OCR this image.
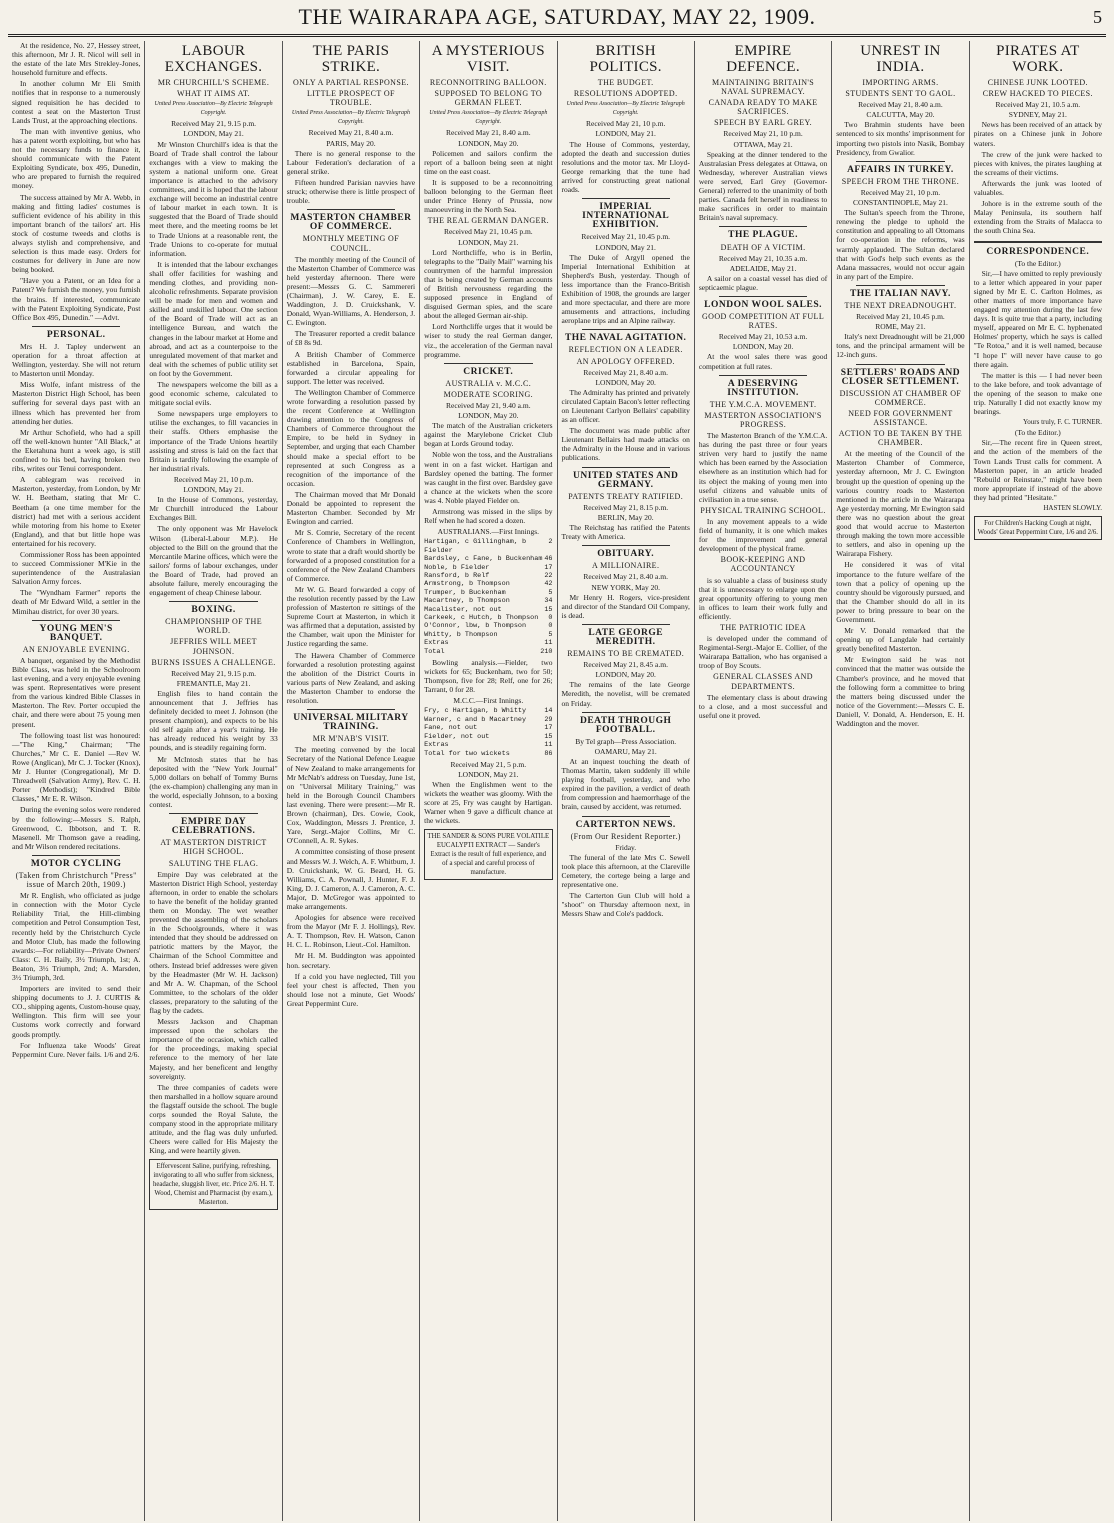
THE WAIRARAPA AGE, SATURDAY, MAY 22, 1909.	5

At the residence, No. 27, Hessey street, this afternoon, Mr J. R. Nicol will sell in the estate of the late Mrs Strekley-Jones, household furniture and effects.

In another column Mr Eli Smith notifies that in response to a numerously signed requisition he has decided to contest a seat on the Masterton Trust Lands Trust, at the approaching elections.

The man with inventive genius, who has a patent worth exploiting, but who has not the necessary funds to finance it, should communicate with the Patent Exploiting Syndicate, box 495, Dunedin, who are prepared to furnish the required money.

The success attained by Mr A. Webb, in making and fitting ladies' costumes is sufficient evidence of his ability in this important branch of the tailors' art. His stock of costume tweeds and cloths is always stylish and comprehensive, and selection is thus made easy. Orders for costumes for delivery in June are now being booked.

"Have you a Patent, or an Idea for a Patent? We furnish the money, you furnish the brains. If interested, communicate with the Patent Exploiting Syndicate, Post Office Box 495, Dunedin." —Advt.

PERSONAL.

Mrs H. J. Tapley underwent an operation for a throat affection at Wellington, yesterday. She will not return to Masterton until Monday.

Miss Wolfe, infant mistress of the Masterton District High School, has been suffering for several days past with an illness which has prevented her from attending her duties.

Mr Arthur Schofield, who had a spill off the well-known hunter "All Black," at the Eketahuna hunt a week ago, is still confined to his bed, having broken two ribs, writes our Tenui correspondent.

A cablegram was received in Masterton, yesterday, from London, by Mr W. H. Beetham, stating that Mr C. Beetham (a one time member for the district) had met with a serious accident while motoring from his home to Exeter (England), and that but little hope was entertained for his recovery.

Commissioner Ross has been appointed to succeed Commissioner M'Kie in the superintendence of the Australasian Salvation Army forces.

The "Wyndham Farmer" reports the death of Mr Edward Wild, a settler in the Mimihau district, for over 30 years.

YOUNG MEN'S BANQUET.
AN ENJOYABLE EVENING.

A banquet, organised by the Methodist Bible Class, was held in the Schoolroom last evening, and a very enjoyable evening was spent. Representatives were present from the various kindred Bible Classes in Masterton. The Rev. Porter occupied the chair, and there were about 75 young men present.

The following toast list was honoured:—"The King," Chairman; "The Churches," Mr C. E. Daniel —Rev W. Rowe (Anglican), Mr C. J. Tocker (Knox), Mr J. Hunter (Congregational), Mr D. Threadwell (Salvation Army), Rev. C. H. Porter (Methodist); "Kindred Bible Classes," Mr E. R. Wilson.

During the evening solos were rendered by the following:—Messrs S. Ralph, Greenwood, C. Ibbotson, and T. R. Masenell. Mr Thomson gave a reading, and Mr Wilson rendered recitations.

MOTOR CYCLING
(Taken from Christchurch "Press" issue of March 20th, 1909.)

Mr R. English, who officiated as judge in connection with the Motor Cycle Reliability Trial, the Hill-climbing competition and Petrol Consumption Test, recently held by the Christchurch Cycle and Motor Club, has made the following awards:—For reliability—Private Owners' Class: C. H. Baily, 3½ Triumph, 1st; A. Beaton, 3½ Triumph, 2nd; A. Marsden, 3½ Triumph, 3rd.

Importers are invited to send their shipping documents to J. J. CURTIS & CO., shipping agents, Custom-house quay, Wellington. This firm will see your Customs work correctly and forward goods promptly.

For Influenza take Woods' Great Peppermint Cure. Never fails. 1/6 and 2/6.

LABOUR EXCHANGES.
MR CHURCHILL'S SCHEME.
WHAT IT AIMS AT.
United Press Association—By Electric Telegraph Copyright.
Received May 21, 9.15 p.m.
LONDON, May 21.

Mr Winston Churchill's idea is that the Board of Trade shall control the labour exchanges with a view to making the system a national uniform one. Great importance is attached to the advisory committees, and it is hoped that the labour exchange will become an industrial centre of labour market in each town. It is suggested that the Board of Trade should meet there, and the meeting rooms be let to Trade Unions at a reasonable rent, the Trade Unions to co-operate for mutual information.

It is intended that the labour exchanges shall offer facilities for washing and mending clothes, and providing non-alcoholic refreshments. Separate provision will be made for men and women and skilled and unskilled labour. One section of the Board of Trade will act as an intelligence Bureau, and watch the changes in the labour market at Home and abroad, and act as a counterpoise to the unregulated movement of that market and deal with the schemes of public utility set on foot by the Government.

The newspapers welcome the bill as a good economic scheme, calculated to mitigate social evils.

Some newspapers urge employers to utilise the exchanges, to fill vacancies in their staffs. Others emphasise the importance of the Trade Unions heartily assisting and stress is laid on the fact that Britain is tardily following the example of her industrial rivals.

Received May 21, 10 p.m.
LONDON, May 21.

In the House of Commons, yesterday, Mr Churchill introduced the Labour Exchanges Bill.

The only opponent was Mr Havelock Wilson (Liberal-Labour M.P.). He objected to the Bill on the ground that the Mercantile Marine offices, which were the sailors' forms of labour exchanges, under the Board of Trade, had proved an absolute failure, merely encouraging the engagement of cheap Chinese labour.

BOXING.
CHAMPIONSHIP OF THE WORLD.
JEFFRIES WILL MEET JOHNSON.
BURNS ISSUES A CHALLENGE.
Received May 21, 9.15 p.m.
FREMANTLE, May 21.

English files to hand contain the announcement that J. Jeffries has definitely decided to meet J. Johnson (the present champion), and expects to be his old self again after a year's training. He has already reduced his weight by 33 pounds, and is steadily regaining form.

Mr McIntosh states that he has deposited with the "New York Journal" 5,000 dollars on behalf of Tommy Burns (the ex-champion) challenging any man in the world, especially Johnson, to a boxing contest.

EMPIRE DAY CELEBRATIONS.
AT MASTERTON DISTRICT HIGH SCHOOL.
SALUTING THE FLAG.

Empire Day was celebrated at the Masterton District High School, yesterday afternoon, in order to enable the scholars to have the benefit of the holiday granted them on Monday. The wet weather prevented the assembling of the scholars in the Schoolgrounds, where it was intended that they should be addressed on patriotic matters by the Mayor, the Chairman of the School Committee and others. Instead brief addresses were given by the Headmaster (Mr W. H. Jackson) and Mr A. W. Chapman, of the School Committee, to the scholars of the older classes, preparatory to the saluting of the flag by the cadets.

Messrs Jackson and Chapman impressed upon the scholars the importance of the occasion, which called for the proceedings, making special reference to the memory of her late Majesty, and her beneficent and lengthy sovereignty.

The three companies of cadets were then marshalled in a hollow square around the flagstaff outside the school. The bugle corps sounded the Royal Salute, the company stood in the appropriate military attitude, and the flag was duly unfurled. Cheers were called for His Majesty the King, and were heartily given.

Effervescent Saline, purifying, refreshing, invigorating to all who suffer from sickness, headache, sluggish liver, etc. Price 2/6. H. T. Wood, Chemist and Pharmacist (by exam.), Masterton.
THE PARIS STRIKE.
ONLY A PARTIAL RESPONSE.
LITTLE PROSPECT OF TROUBLE.
United Press Association—By Electric Telegraph Copyright.
Received May 21, 8.40 a.m.
PARIS, May 20.

There is no general response to the Labour Federation's declaration of a general strike.

Fifteen hundred Parisian navvies have struck; otherwise there is little prospect of trouble.

MASTERTON CHAMBER OF COMMERCE.
MONTHLY MEETING OF COUNCIL.

The monthly meeting of the Council of the Masterton Chamber of Commerce was held yesterday afternoon. There were present:—Messrs G. C. Sammereri (Chairman), J. W. Carey, E. E. Waddington, J. D. Cruickshank, V. Donald, Wyan-Williams, A. Henderson, J. C. Ewington.

The Treasurer reported a credit balance of £8 8s 9d.

A British Chamber of Commerce established in Barcelona, Spain, forwarded a circular appealing for support. The letter was received.

The Wellington Chamber of Commerce wrote forwarding a resolution passed by the recent Conference at Wellington drawing attention to the Congress of Chambers of Commerce throughout the Empire, to be held in Sydney in September, and urging that each Chamber should make a special effort to be represented at such Congress as a recognition of the importance of the occasion.

The Chairman moved that Mr Donald Donald be appointed to represent the Masterton Chamber. Seconded by Mr Ewington and carried.

Mr S. Comrie, Secretary of the recent Conference of Chambers in Wellington, wrote to state that a draft would shortly be forwarded of a proposed constitution for a conference of the New Zealand Chambers of Commerce.

Mr W. G. Beard forwarded a copy of the resolution recently passed by the Law profession of Masterton re sittings of the Supreme Court at Masterton, in which it was affirmed that a deputation, assisted by the Chamber, wait upon the Minister for Justice regarding the same.

The Hawera Chamber of Commerce forwarded a resolution protesting against the abolition of the District Courts in various parts of New Zealand, and asking the Masterton Chamber to endorse the resolution.

UNIVERSAL MILITARY TRAINING.
MR M'NAB'S VISIT.

The meeting convened by the local Secretary of the National Defence League of New Zealand to make arrangements for Mr McNab's address on Tuesday, June 1st, on "Universal Military Training," was held in the Borough Council Chambers last evening. There were present:—Mr R. Brown (chairman), Drs. Cowie, Cook, Cox, Waddington, Messrs J. Prentice, J. Yare, Sergt.-Major Collins, Mr C. O'Connell, A. R. Sykes.

A committee consisting of those present and Messrs W. J. Welch, A. F. Whitburn, J. D. Cruickshank, W. G. Beard, H. G. Williams, C. A. Pownall, J. Hunter, F. J. King, D. J. Cameron, A. J. Cameron, A. C. Major, D. McGregor was appointed to make arrangements.

Apologies for absence were received from the Mayor (Mr F. J. Hollings), Rev. A. T. Thompson, Rev. H. Watson, Canon H. C. L. Robinson, Lieut.-Col. Hamilton.

Mr H. M. Buddington was appointed hon. secretary.

If a cold you have neglected, Till you feel your chest is affected, Then you should lose not a minute, Get Woods' Great Peppermint Cure.

A MYSTERIOUS VISIT.
RECONNOITRING BALLOON.
SUPPOSED TO BELONG TO GERMAN FLEET.
United Press Association—By Electric Telegraph Copyright.
Received May 21, 8.40 a.m.
LONDON, May 20.

Policemen and sailors confirm the report of a balloon being seen at night time on the east coast.

It is supposed to be a reconnoitring balloon belonging to the German fleet under Prince Henry of Prussia, now manoeuvring in the North Sea.

THE REAL GERMAN DANGER.
Received May 21, 10.45 p.m.
LONDON, May 21.

Lord Northcliffe, who is in Berlin, telegraphs to the "Daily Mail" warning his countrymen of the harmful impression that is being created by German accounts of British nervousness regarding the supposed presence in England of disguised German spies, and the scare about the alleged German air-ship.

Lord Northcliffe urges that it would be wiser to study the real German danger, viz., the acceleration of the German naval programme.

CRICKET.
AUSTRALIA v. M.C.C.
MODERATE SCORING.
Received May 21, 9.40 a.m.
LONDON, May 20.

The match of the Australian cricketers against the Marylebone Cricket Club began at Lords Ground today.

Noble won the toss, and the Australians went in on a fast wicket. Hartigan and Bardsley opened the batting. The former was caught in the first over. Bardsley gave a chance at the wickets when the score was 4. Noble played Fielder on.

Armstrong was missed in the slips by Relf when he had scored a dozen.

AUSTRALIANS.—First Innings.
Hartigan, c Gillingham, b Fielder
2
Bardsley, c Fane, b Buckenham 46
Noble, b Fielder	17
Ransford, b Relf	22
Armstrong, b Thompson	42
Trumper, b Buckenham	5
Macartney, b Thompson	34
Macalister, not out	15
Carkeek, c Hutch, b Thompson 0
O'Connor, lbw, b Thompson	0
Whitty, b Thompson	5
Extras	11
Total	210

Bowling analysis.—Fielder, two wickets for 65; Buckenham, two for 50; Thompson, five for 28; Relf, one for 26; Tarrant, 0 for 28.

M.C.C.—First Innings.
Fry, c Hartigan, b Whitty	14
Warner, c and b Macartney	29
Fane, not out	17
Fielder, not out	15
Extras	11
Total for two wickets	86
Received May 21, 5 p.m.
LONDON, May 21.

When the Englishmen went to the wickets the weather was gloomy. With the score at 25, Fry was caught by Hartigan. Warner when 9 gave a difficult chance at the wickets.

THE SANDER & SONS PURE VOLATILE EUCALYPTI EXTRACT — Sander's Extract is the result of full experience, and of a special and careful process of manufacture.
BRITISH POLITICS.
THE BUDGET.
RESOLUTIONS ADOPTED.
United Press Association—By Electric Telegraph Copyright.
Received May 21, 10 p.m.
LONDON, May 21.

The House of Commons, yesterday, adopted the death and succession duties resolutions and the motor tax. Mr Lloyd-George remarking that the tune had arrived for constructing great national roads.

IMPERIAL INTERNATIONAL EXHIBITION.
Received May 21, 10.45 p.m.
LONDON, May 21.

The Duke of Argyll opened the Imperial International Exhibition at Shepherd's Bush, yesterday. Though of less importance than the Franco-British Exhibition of 1908, the grounds are larger and more spectacular, and there are more amusements and attractions, including aeroplane trips and an Alpine railway.

THE NAVAL AGITATION.
REFLECTION ON A LEADER.
AN APOLOGY OFFERED.
Received May 21, 8.40 a.m.
LONDON, May 20.

The Admiralty has printed and privately circulated Captain Bacon's letter reflecting on Lieutenant Carlyon Bellairs' capability as an officer.

The document was made public after Lieutenant Bellairs had made attacks on the Admiralty in the House and in various publications.

UNITED STATES AND GERMANY.
PATENTS TREATY RATIFIED.
Received May 21, 8.15 p.m.
BERLIN, May 20.

The Reichstag has ratified the Patents Treaty with America.

OBITUARY.
A MILLIONAIRE.
Received May 21, 8.40 a.m.
NEW YORK, May 20.

Mr Henry H. Rogers, vice-president and director of the Standard Oil Company, is dead.

LATE GEORGE MEREDITH.
REMAINS TO BE CREMATED.
Received May 21, 8.45 a.m.
LONDON, May 20.

The remains of the late George Meredith, the novelist, will be cremated on Friday.

DEATH THROUGH FOOTBALL.
By Tel graph—Press Association.
OAMARU, May 21.

At an inquest touching the death of Thomas Martin, taken suddenly ill while playing football, yesterday, and who expired in the pavilion, a verdict of death from compression and haemorrhage of the brain, caused by accident, was returned.

CARTERTON NEWS.
(From Our Resident Reporter.)
Friday.

The funeral of the late Mrs C. Sewell took place this afternoon, at the Clareville Cemetery, the cortege being a large and representative one.

The Carterton Gun Club will hold a "shoot" on Thursday afternoon next, in Messrs Shaw and Cole's paddock.

EMPIRE DEFENCE.
MAINTAINING BRITAIN'S NAVAL SUPREMACY.
CANADA READY TO MAKE SACRIFICES.
SPEECH BY EARL GREY.
Received May 21, 10 p.m.
OTTAWA, May 21.

Speaking at the dinner tendered to the Australasian Press delegates at Ottawa, on Wednesday, wherever Australian views were served, Earl Grey (Governor-General) referred to the unanimity of both parties. Canada felt herself in readiness to make sacrifices in order to maintain Britain's naval supremacy.

THE PLAGUE.
DEATH OF A VICTIM.
Received May 21, 10.35 a.m.
ADELAIDE, May 21.

A sailor on a coastal vessel has died of septicaemic plague.

LONDON WOOL SALES.
GOOD COMPETITION AT FULL RATES.
Received May 21, 10.53 a.m.
LONDON, May 20.

At the wool sales there was good competition at full rates.

A DESERVING INSTITUTION.
THE Y.M.C.A. MOVEMENT.
MASTERTON ASSOCIATION'S PROGRESS.

The Masterton Branch of the Y.M.C.A. has during the past three or four years striven very hard to justify the name which has been earned by the Association elsewhere as an institution which had for its object the making of young men into useful citizens and valuable units of civilisation in a true sense.

PHYSICAL TRAINING SCHOOL.

In any movement appeals to a wide field of humanity, it is one which makes for the improvement and general development of the physical frame.

BOOK-KEEPING AND ACCOUNTANCY

is so valuable a class of business study that it is unnecessary to enlarge upon the great opportunity offering to young men in offices to learn their work fully and efficiently.

THE PATRIOTIC IDEA

is developed under the command of Regimental-Sergt.-Major E. Collier, of the Wairarapa Battalion, who has organised a troop of Boy Scouts.

GENERAL CLASSES AND DEPARTMENTS.

The elementary class is about drawing to a close, and a most successful and useful one it proved.

UNREST IN INDIA.
IMPORTING ARMS.
STUDENTS SENT TO GAOL.
Received May 21, 8.40 a.m.
CALCUTTA, May 20.

Two Brahmin students have been sentenced to six months' imprisonment for importing two pistols into Nasik, Bombay Presidency, from Gwalior.

AFFAIRS IN TURKEY.
SPEECH FROM THE THRONE.
Received May 21, 10 p.m.
CONSTANTINOPLE, May 21.

The Sultan's speech from the Throne, renewing the pledge to uphold the constitution and appealing to all Ottomans for co-operation in the reforms, was warmly applauded. The Sultan declared that with God's help such events as the Adana massacres, would not occur again in any part of the Empire.

THE ITALIAN NAVY.
THE NEXT DREADNOUGHT.
Received May 21, 10.45 p.m.
ROME, May 21.

Italy's next Dreadnought will be 21,000 tons, and the principal armament will be 12-inch guns.

SETTLERS' ROADS AND CLOSER SETTLEMENT.
DISCUSSION AT CHAMBER OF COMMERCE.
NEED FOR GOVERNMENT ASSISTANCE.
ACTION TO BE TAKEN BY THE CHAMBER.

At the meeting of the Council of the Masterton Chamber of Commerce, yesterday afternoon, Mr J. C. Ewington brought up the question of opening up the various country roads to Masterton mentioned in the article in the Wairarapa Age yesterday morning. Mr Ewington said there was no question about the great good that would accrue to Masterton through making the town more accessible to settlers, and also in opening up the Wairarapa Fishery.

He considered it was of vital importance to the future welfare of the town that a policy of opening up the country should be vigorously pursued, and that the Chamber should do all in its power to bring pressure to bear on the Government.

Mr V. Donald remarked that the opening up of Langdale had certainly greatly benefited Masterton.

Mr Ewington said he was not convinced that the matter was outside the Chamber's province, and he moved that the following form a committee to bring the matters being discussed under the notice of the Government:—Messrs C. E. Daniell, V. Donald, A. Henderson, E. H. Waddington and the mover.

PIRATES AT WORK.
CHINESE JUNK LOOTED.
CREW HACKED TO PIECES.
Received May 21, 10.5 a.m.
SYDNEY, May 21.

News has been received of an attack by pirates on a Chinese junk in Johore waters.

The crew of the junk were hacked to pieces with knives, the pirates laughing at the screams of their victims.

Afterwards the junk was looted of valuables.

Johore is in the extreme south of the Malay Peninsula, its southern half extending from the Straits of Malacca to the south China Sea.

CORRESPONDENCE.
(To the Editor.)

Sir,—I have omitted to reply previously to a letter which appeared in your paper signed by Mr E. C. Carlton Holmes, as other matters of more importance have engaged my attention during the last few days. It is quite true that a party, including myself, appeared on Mr E. C. hyphenated Holmes' property, which he says is called "Te Rotoa," and it is well named, because "I hope I" will never have cause to go there again.

The matter is this — I had never been to the lake before, and took advantage of the opening of the season to make one trip. Naturally I did not exactly know my bearings.

Yours truly, F. C. TURNER.
(To the Editor.)

Sir,—The recent fire in Queen street, and the action of the members of the Town Lands Trust calls for comment. A Masterton paper, in an article headed "Rebuild or Reinstate," might have been more appropriate if instead of the above they had printed "Hesitate."

HASTEN SLOWLY.
For Children's Hacking Cough at night, Woods' Great Peppermint Cure, 1/6 and 2/6.
